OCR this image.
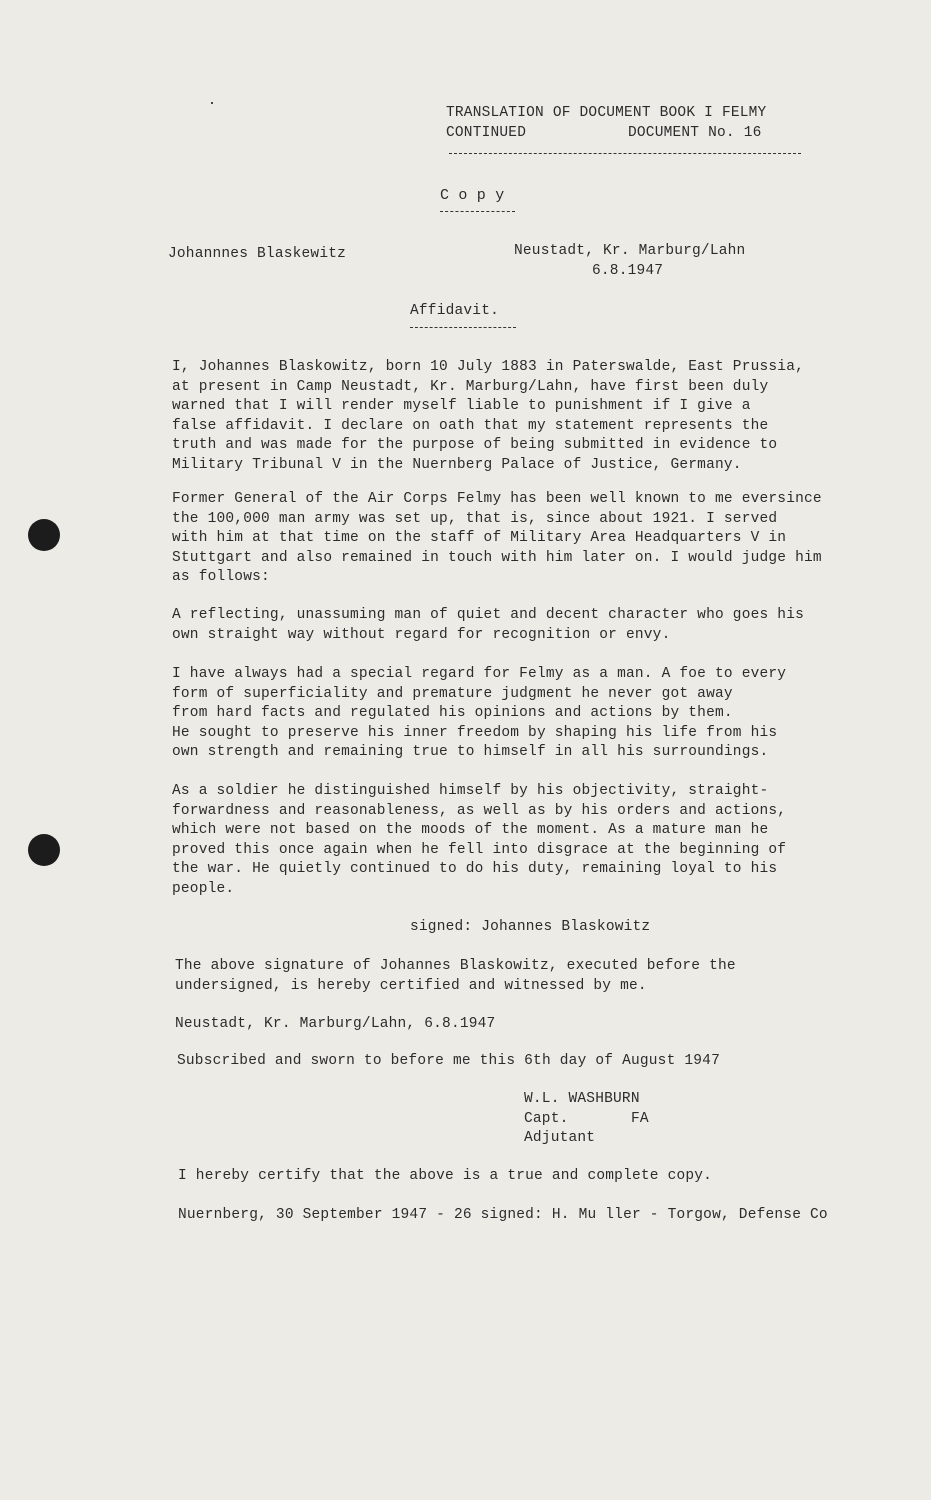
TRANSLATION OF DOCUMENT BOOK I FELMY
CONTINUED	DOCUMENT No. 16
C o p y
Johannnes Blaskewitz	Neustadt, Kr. Marburg/Lahn
6.8.1947
Affidavit.
I, Johannes Blaskowitz, born 10 July 1883 in Paterswalde, East Prussia,
at present in Camp Neustadt, Kr. Marburg/Lahn, have first been duly
warned that I will render myself liable to punishment if I give a
false affidavit. I declare on oath that my statement represents the
truth and was made for the purpose of being submitted in evidence to
Military Tribunal V in the Nuernberg Palace of Justice, Germany.
Former General of the Air Corps Felmy has been well known to me eversince
the 100,000 man army was set up, that is, since about 1921. I served
with him at that time on the staff of Military Area Headquarters V in
Stuttgart and also remained in touch with him later on. I would judge him
as follows:
A reflecting, unassuming man of quiet and decent character who goes his
own straight way without regard for recognition or envy.
I have always had a special regard for Felmy as a man. A foe to every
form of superficiality and premature judgment he never got away
from hard facts and regulated his opinions and actions by them.
He sought to preserve his inner freedom by shaping his life from his
own strength and remaining true to himself in all his surroundings.
As a soldier he distinguished himself by his objectivity, straight-
forwardness and reasonableness, as well as by his orders and actions,
which were not based on the moods of the moment. As a mature man he
proved this once again when he fell into disgrace at the beginning of
the war. He quietly continued to do his duty, remaining loyal to his
people.
signed: Johannes Blaskowitz
The above signature of Johannes Blaskowitz, executed before the
undersigned, is hereby certified and witnessed by me.
Neustadt, Kr. Marburg/Lahn, 6.8.1947
Subscribed and sworn to before me this 6th day of August 1947
W.L. WASHBURN
Capt.	FA
Adjutant
I hereby certify that the above is a true and complete copy.
Nuernberg, 30 September 1947 - 26 signed: H. Mu ller - Torgow, Defense Co
